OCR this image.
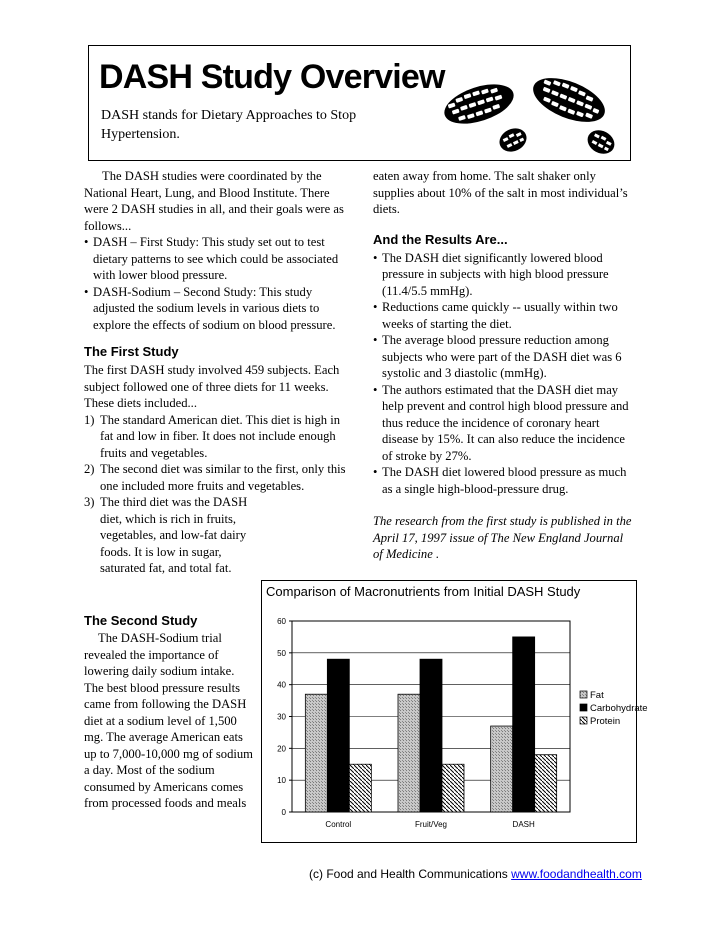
DASH Study Overview

DASH stands for Dietary Approaches to Stop Hypertension.

The DASH studies were coordinated by the National Heart, Lung, and Blood Institute. There were 2 DASH studies in all, and their goals were as follows...

• DASH – First Study: This study set out to test dietary patterns to see which could be associated with lower blood pressure.
• DASH-Sodium – Second Study: This study adjusted the sodium levels in various diets to explore the effects of sodium on blood pressure.
The First Study

The first DASH study involved 459 subjects. Each subject followed one of three diets for 11 weeks. These diets included...

1) The standard American diet. This diet is high in fat and low in fiber. It does not include enough fruits and vegetables.
2) The second diet was similar to the first, only this one included more fruits and vegetables.
3) The third diet was the DASH diet, which is rich in fruits, vegetables, and low-fat dairy foods. It is low in sugar, saturated fat, and total fat.
The Second Study

The DASH-Sodium trial revealed the importance of lowering daily sodium intake. The best blood pressure results came from following the DASH diet at a sodium level of 1,500 mg. The average American eats up to 7,000-10,000 mg of sodium a day. Most of the sodium consumed by Americans comes from processed foods and meals

eaten away from home. The salt shaker only supplies about 10% of the salt in most individual’s diets.

And the Results Are...
• The DASH diet significantly lowered blood pressure in subjects with high blood pressure (11.4/5.5 mmHg).
• Reductions came quickly -- usually within two weeks of starting the diet.
• The average blood pressure reduction among subjects who were part of the DASH diet was 6 systolic and 3 diastolic (mmHg).
• The authors estimated that the DASH diet may help prevent and control high blood pressure and thus reduce the incidence of coronary heart disease by 15%. It can also reduce the incidence of stroke by 27%.
• The DASH diet lowered blood pressure as much as a single high-blood-pressure drug.

The research from the first study is published in the April 17, 1997 issue of The New England Journal of Medicine .

0
10
20
30
40
50
60
Control	Fruit/Veg	DASH
Fat
Carbohydrate
Protein
Comparison of Macronutrients from Initial DASH Study
(c) Food and Health Communications www.foodandhealth.com
